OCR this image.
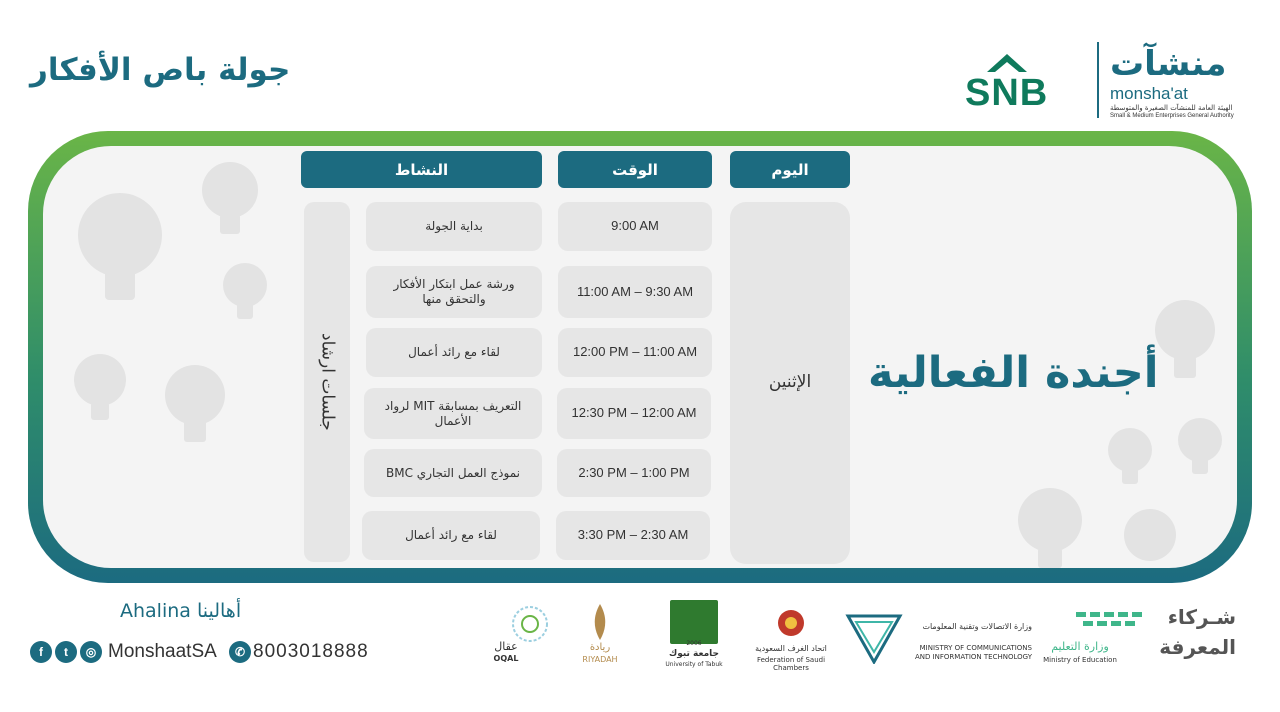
جولة باص الأفكار
SNB
منشآت
monsha'at
الهيئة العامة للمنشآت الصغيرة والمتوسطة
Small & Medium Enterprises General Authority
النشاط	الوقت	اليوم
جلسات ارشاد	الإثنين
بداية الجولة	9:00 AM
ورشة عمل ابتكار الأفكار والتحقق منها
11:00 AM – 9:30 AM
لقاء مع رائد أعمال	12:00 PM – 11:00 AM
التعريف بمسابقة MIT لرواد الأعمال
12:30 PM – 12:00 AM
نموذج العمل التجاري BMC	2:30 PM – 1:00 PM
لقاء مع رائد أعمال	3:30 PM – 2:30 AM
أجندة الفعالية
أهالينا Ahalina
f	t	◎ MonshaatSA	✆ 8003018888	عقال
OQAL
ريادة
RIYADAH
2006
جامعة تبوك
University of Tabuk
اتحاد الغرف السعودية
Federation of Saudi Chambers
وزارة الاتصالات وتقنية المعلومات
MINISTRY OF COMMUNICATIONS
AND INFORMATION TECHNOLOGY
وزارة التعليم
Ministry of Education
شـركاء
المعرفة
